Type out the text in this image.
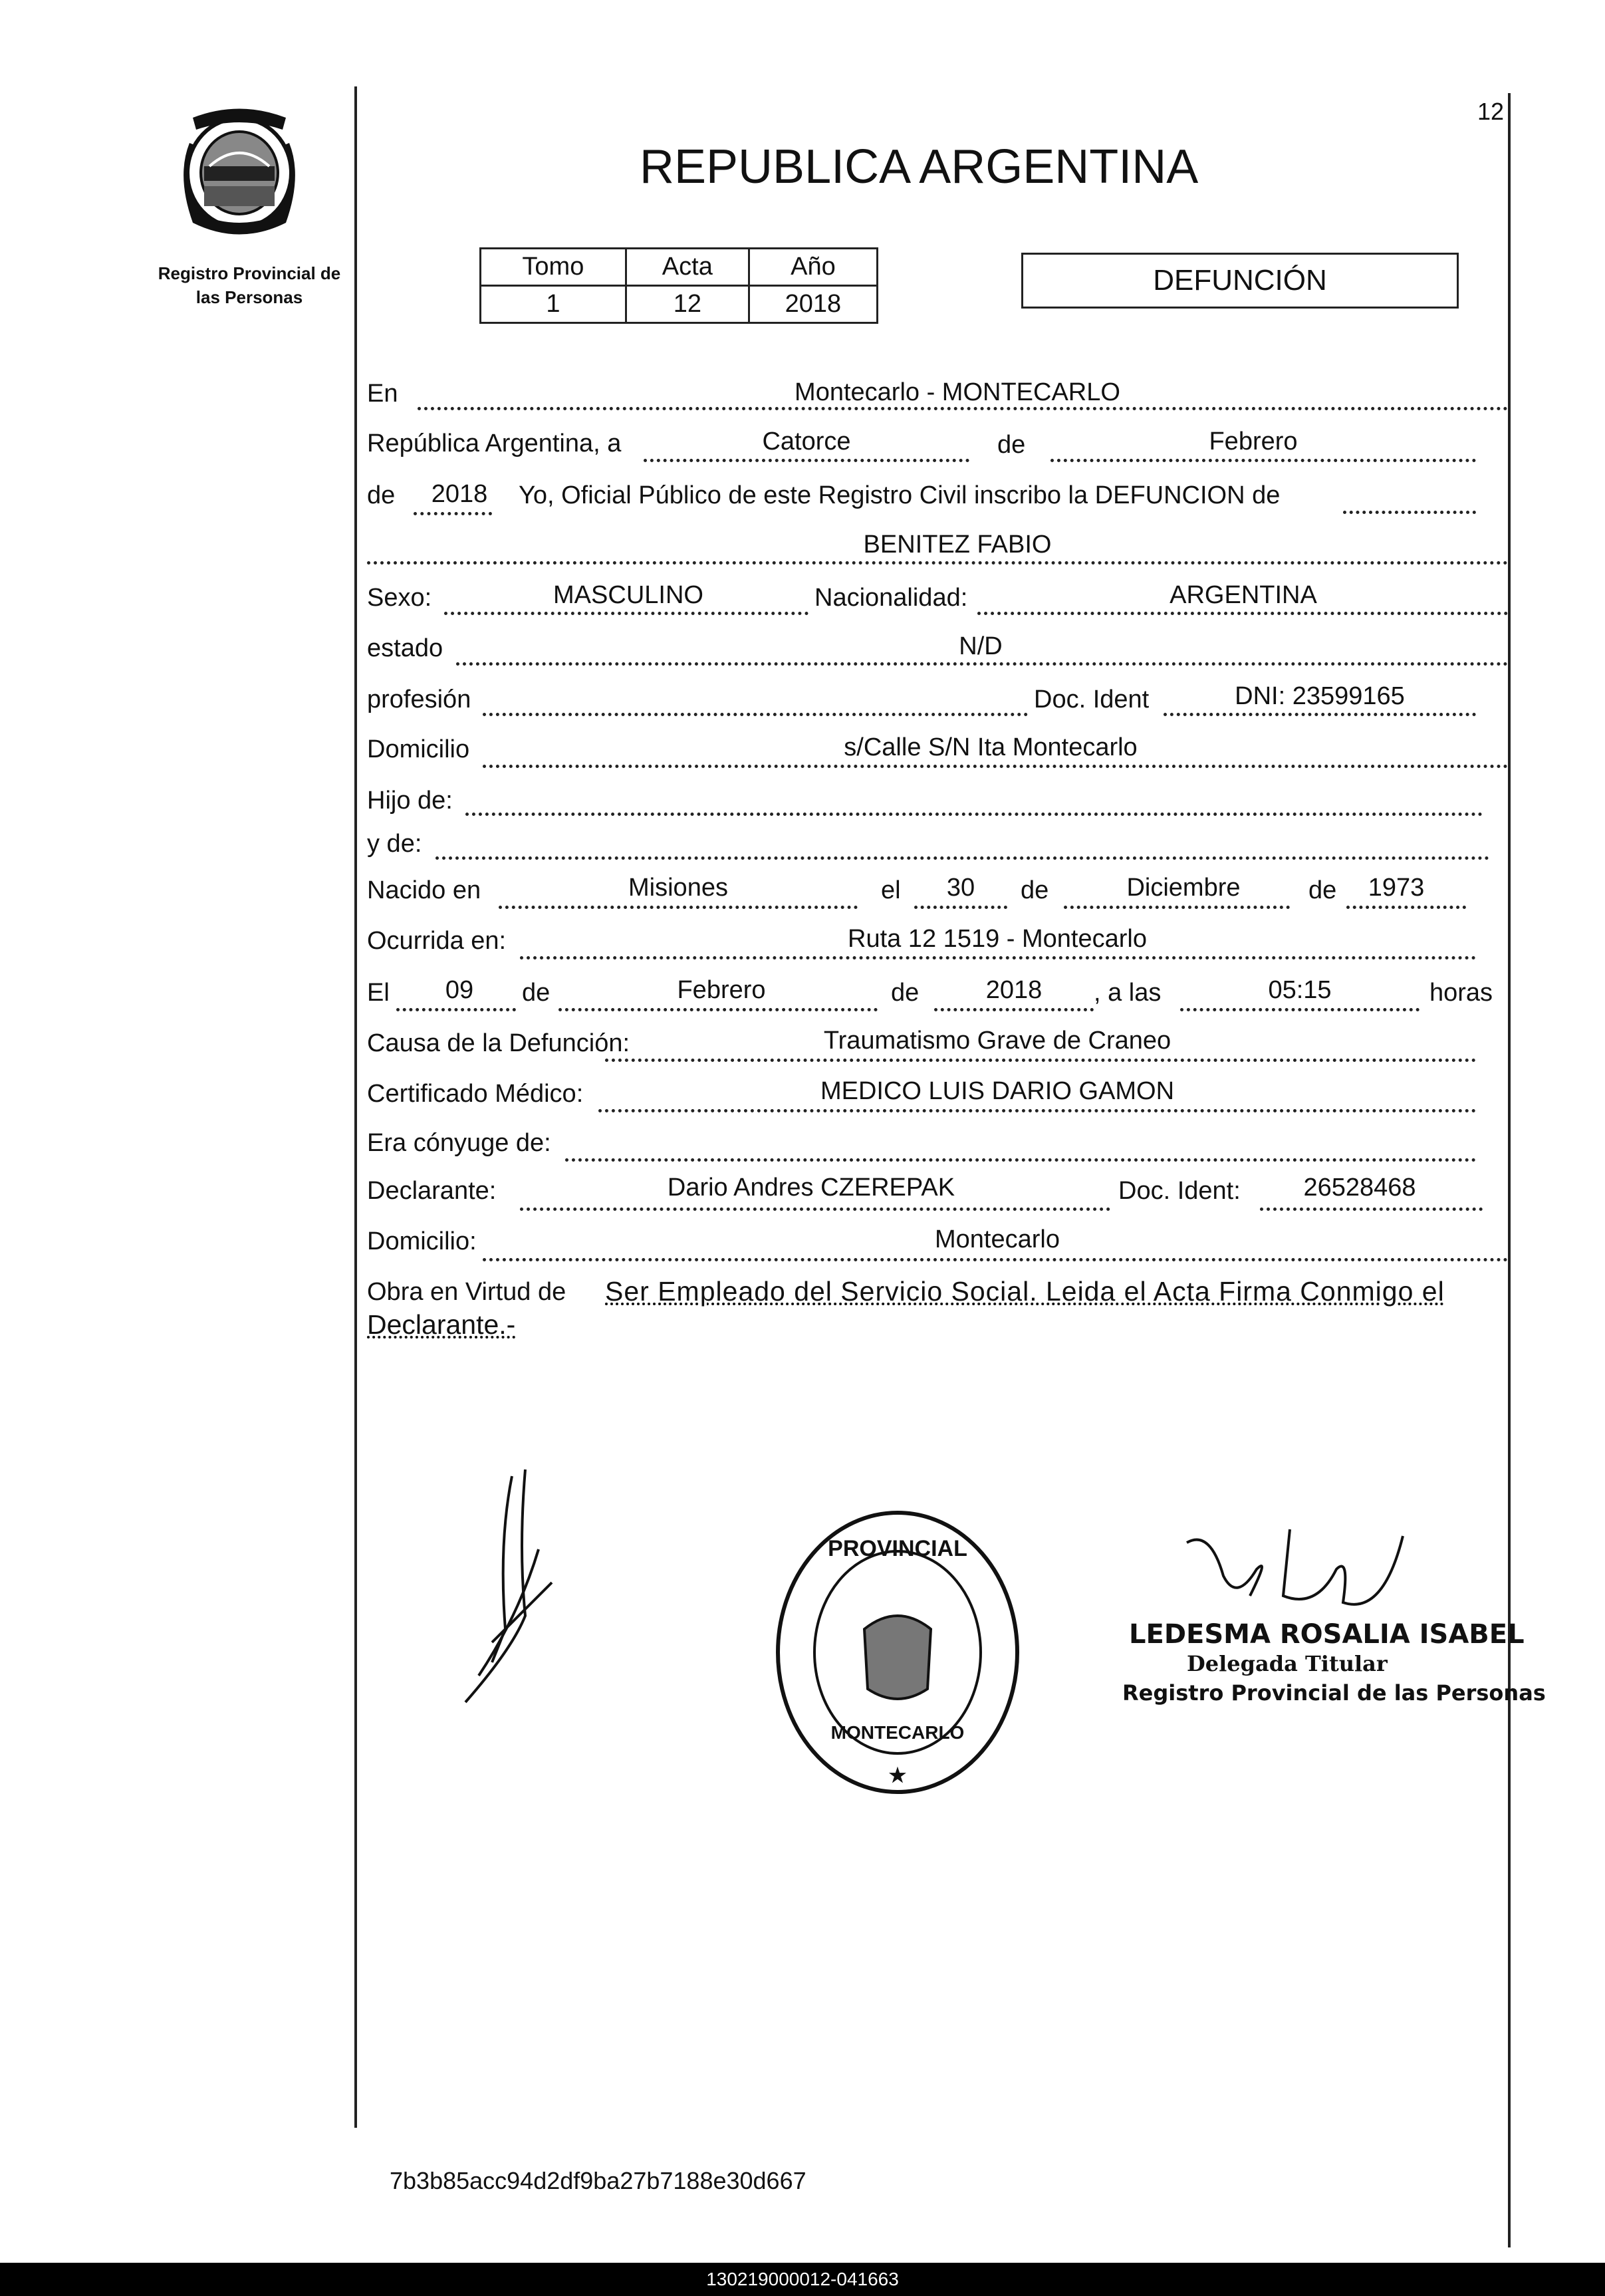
12
Registro Provincial de
las Personas
REPUBLICA ARGENTINA
Tomo	Acta	Año
1	12	2018
DEFUNCIÓN
En	Montecarlo - MONTECARLO
República Argentina, a	Catorce	de	Febrero
de	2018	Yo, Oficial Público de este Registro Civil inscribo la DEFUNCION de
BENITEZ FABIO
Sexo:	MASCULINO	Nacionalidad:	ARGENTINA
estado	N/D
profesión	Doc. Ident	DNI: 23599165
Domicilio	s/Calle S/N Ita Montecarlo
Hijo de:
y de:
Nacido en	Misiones	el	30	de	Diciembre	de	1973
Ocurrida en:	Ruta 12 1519 - Montecarlo
El	09	de	Febrero	de	2018	, a las	05:15	horas
Causa de la Defunción:	Traumatismo Grave de Craneo
Certificado Médico:	MEDICO LUIS DARIO GAMON
Era cónyuge de:
Declarante:	Dario Andres CZEREPAK	Doc. Ident:	26528468
Domicilio:	Montecarlo
Obra en Virtud de Ser Empleado del Servicio Social. Leida el Acta Firma Conmigo el
Declarante.-
PROVINCIAL
★
MONTECARLO
LEDESMA ROSALIA ISABEL
Delegada Titular
Registro Provincial de las Personas
7b3b85acc94d2df9ba27b7188e30d667
130219000012-041663
